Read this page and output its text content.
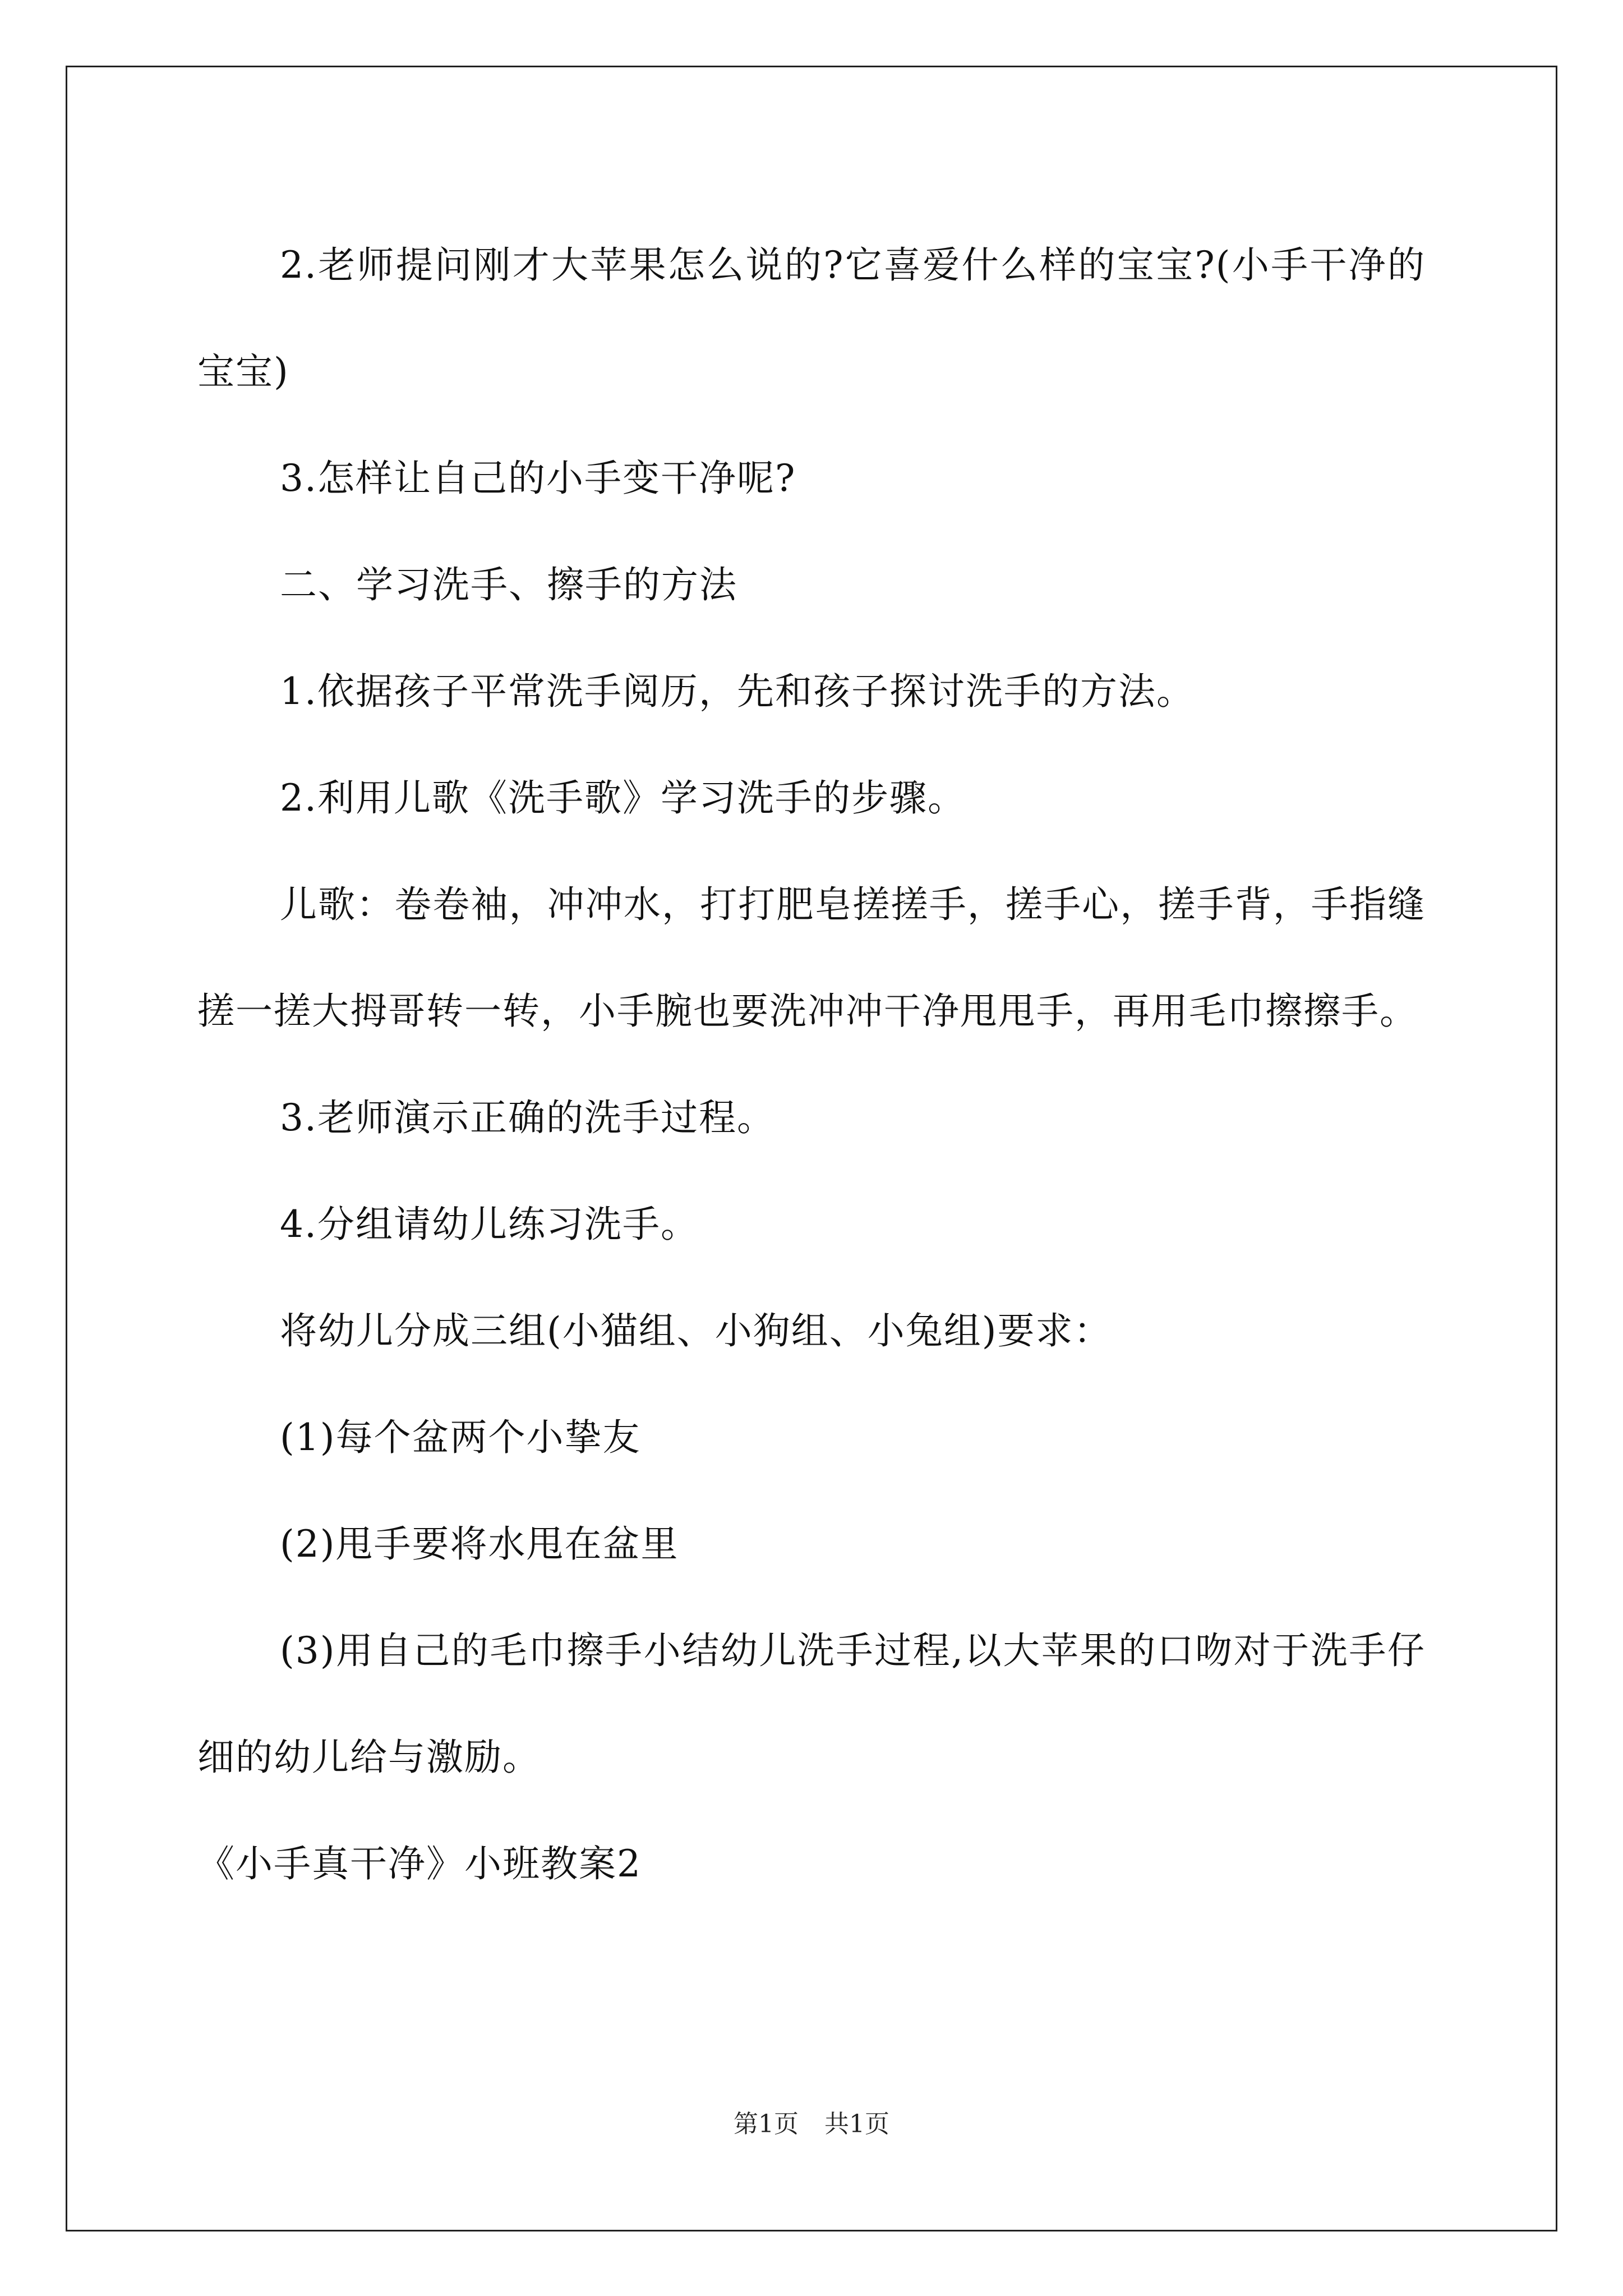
2.老师提问刚才大苹果怎么说的?它喜爱什么样的宝宝?(小手干净的宝宝)

3.怎样让自己的小手变干净呢?

二、学习洗手、擦手的方法

1.依据孩子平常洗手阅历，先和孩子探讨洗手的方法。

2.利用儿歌《洗手歌》学习洗手的步骤。

儿歌：卷卷袖，冲冲水，打打肥皂搓搓手，搓手心，搓手背，手指缝搓一搓大拇哥转一转，小手腕也要洗冲冲干净甩甩手，再用毛巾擦擦手。

3.老师演示正确的洗手过程。

4.分组请幼儿练习洗手。

将幼儿分成三组(小猫组、小狗组、小兔组)要求：

(1)每个盆两个小挚友

(2)甩手要将水甩在盆里

(3)用自己的毛巾擦手小结幼儿洗手过程,以大苹果的口吻对于洗手仔细的幼儿给与激励。

《小手真干净》小班教案2

第1页 共1页
